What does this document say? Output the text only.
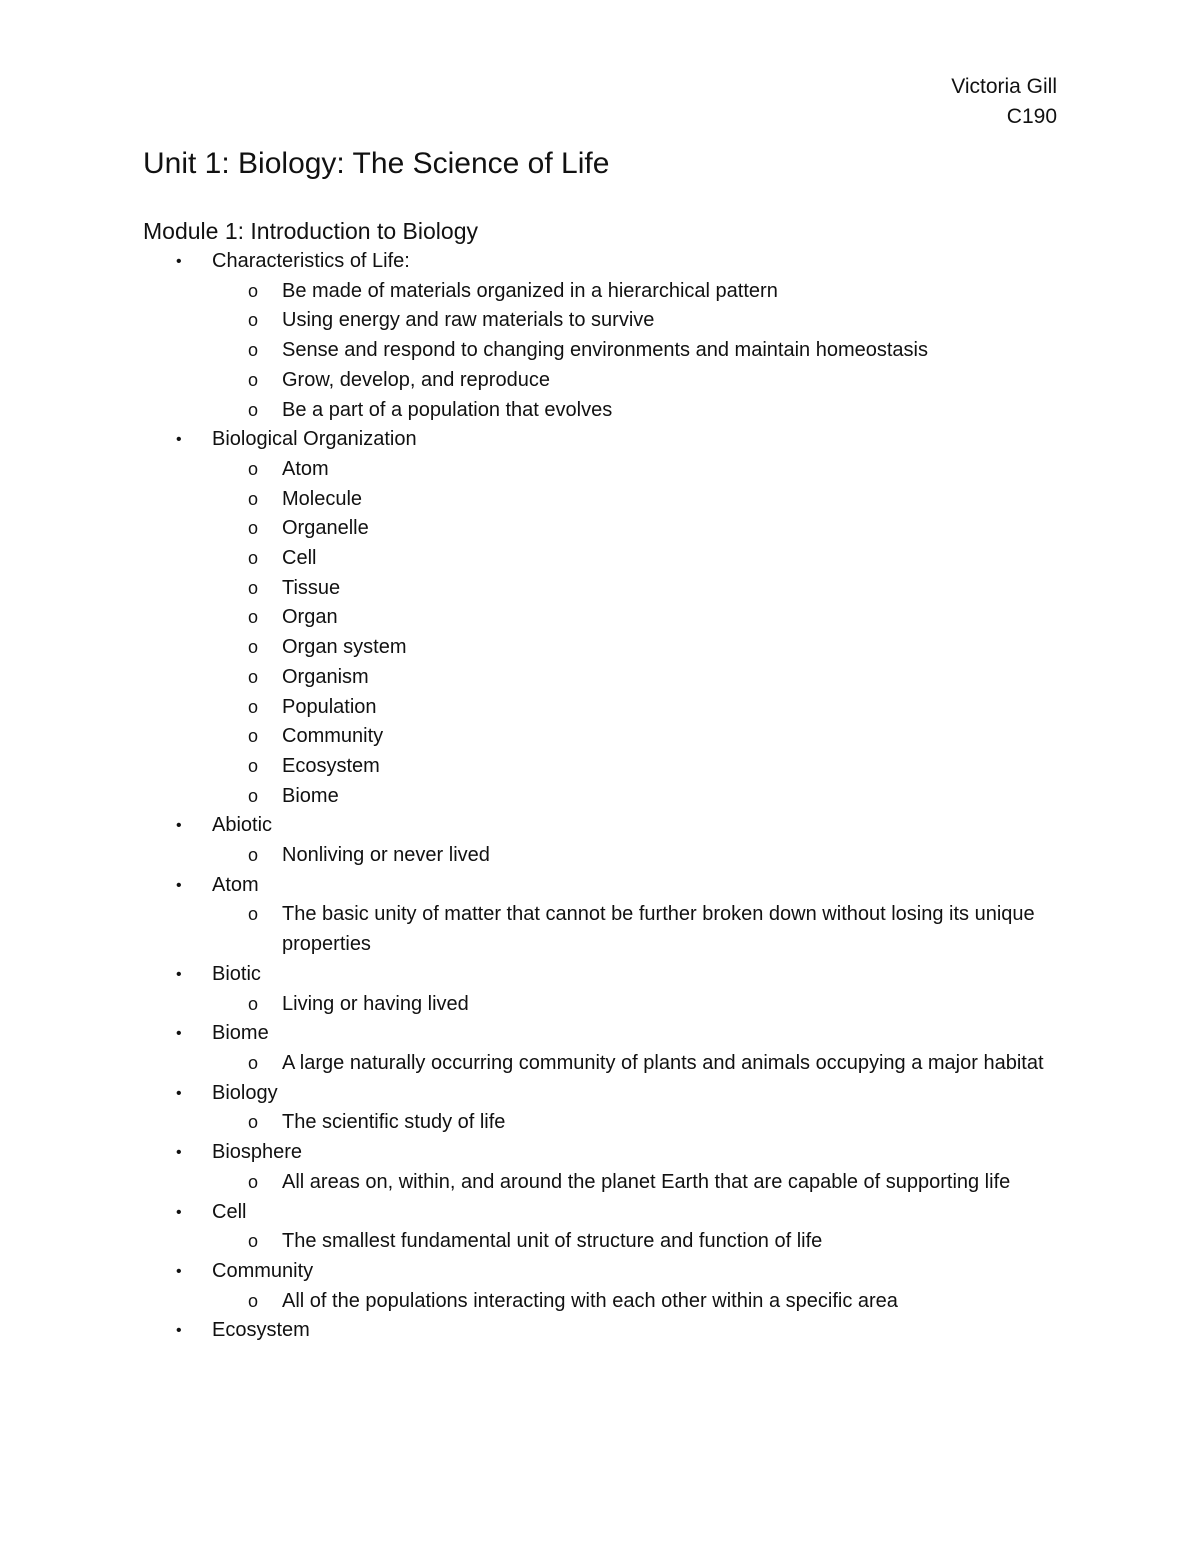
Victoria Gill
C190
Unit 1: Biology: The Science of Life
Module 1: Introduction to Biology
• Characteristics of Life:
o Be made of materials organized in a hierarchical pattern
o Using energy and raw materials to survive
o Sense and respond to changing environments and maintain homeostasis
o Grow, develop, and reproduce
o Be a part of a population that evolves
• Biological Organization
o Atom
o Molecule
o Organelle
o Cell
o Tissue
o Organ
o Organ system
o Organism
o Population
o Community
o Ecosystem
o Biome
• Abiotic
o Nonliving or never lived
• Atom
o The basic unity of matter that cannot be further broken down without losing its unique properties
• Biotic
o Living or having lived
• Biome
o A large naturally occurring community of plants and animals occupying a major habitat
• Biology
o The scientific study of life
• Biosphere
o All areas on, within, and around the planet Earth that are capable of supporting life
• Cell
o The smallest fundamental unit of structure and function of life
• Community
o All of the populations interacting with each other within a specific area
• Ecosystem
